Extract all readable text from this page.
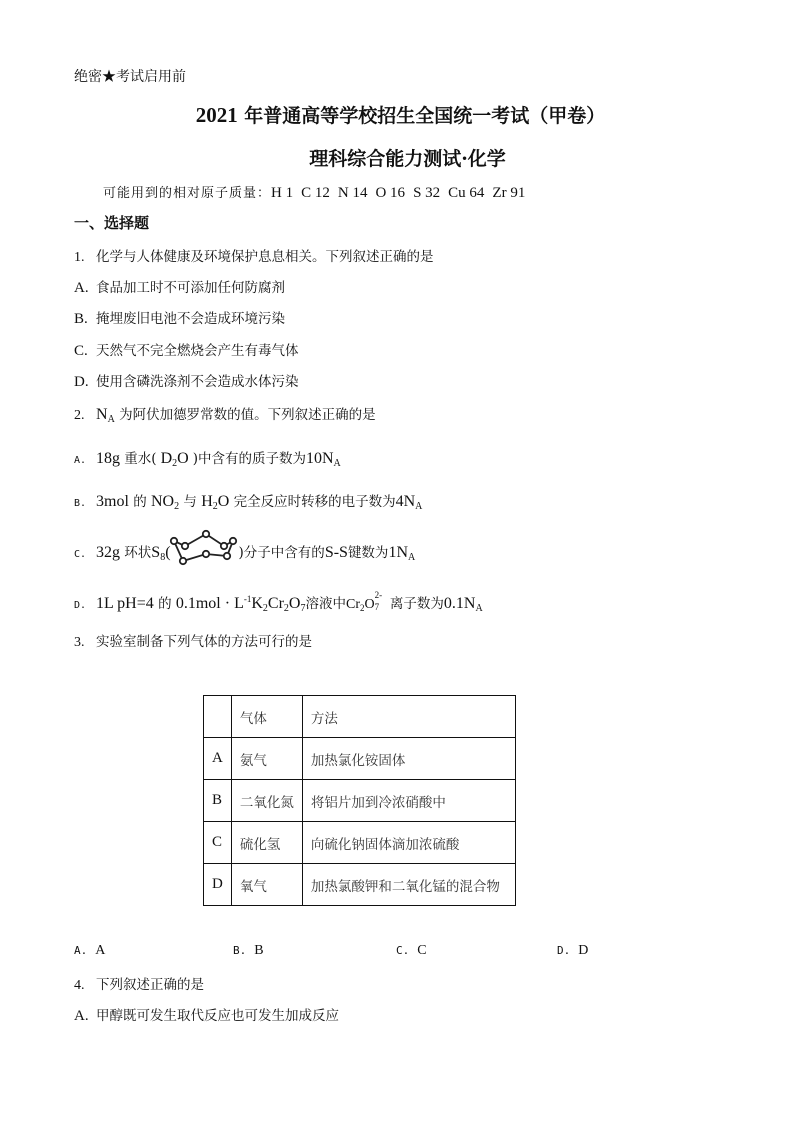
绝密★考试启用前
2021 年普通高等学校招生全国统一考试（甲卷）
理科综合能力测试·化学
可能用到的相对原子质量：H 1 C 12 N 14 O 16 S 32 Cu 64 Zr 91
一、选择题
1. 化学与人体健康及环境保护息息相关。下列叙述正确的是
A. 食品加工时不可添加任何防腐剂
B. 掩埋废旧电池不会造成环境污染
C. 天然气不完全燃烧会产生有毒气体
D. 使用含磷洗涤剂不会造成水体污染
2. $N_A$ 为阿伏加德罗常数的值。下列叙述正确的是
A. 18g 重水( $D_2O$ )中含有的质子数为$10N_A$
B. 3mol 的 $NO_2$ 与 $H_2O$ 完全反应时转移的电子数为$4N_A$
C. 32g 环状$S_8$(	)分子中含有的S-S键数为$1N_A$
D. 1L pH=4 的 $0.1mol \cdot L^{-1}K_2Cr_2O_7$溶液中$Cr_2O$
2-
7 离子数为$0.1N_A$
3. 实验室制备下列气体的方法可行的是
	气体	方法
A	氨气	加热氯化铵固体
B	二氧化氮	将铝片加到冷浓硝酸中
C	硫化氢	向硫化钠固体滴加浓硫酸
D	氧气	加热氯酸钾和二氧化锰的混合物
A. A	B. B	C. C	D. D
4. 下列叙述正确的是
A. 甲醇既可发生取代反应也可发生加成反应
